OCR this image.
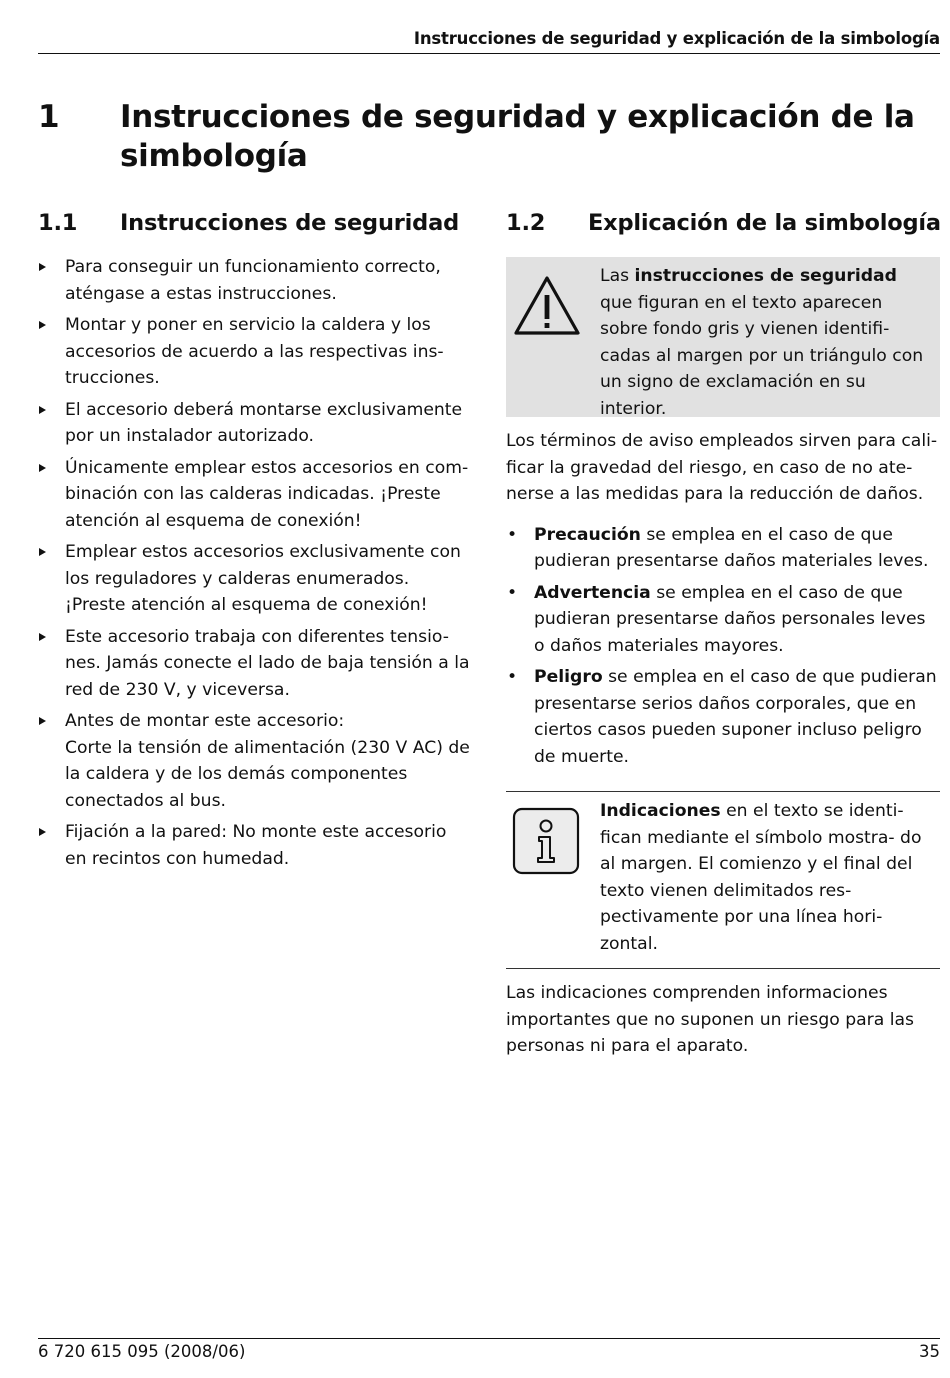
Instrucciones de seguridad y explicación de la simbología
1 Instrucciones de seguridad y explicación de la simbología
1.1 Instrucciones de seguridad
Para conseguir un funcionamiento correcto, aténgase a estas instrucciones.
Montar y poner en servicio la caldera y los accesorios de acuerdo a las respectivas ins- trucciones.
El accesorio deberá montarse exclusivamente por un instalador autorizado.
Únicamente emplear estos accesorios en com- binación con las calderas indicadas. ¡Preste atención al esquema de conexión!
Emplear estos accesorios exclusivamente con los reguladores y calderas enumerados. ¡Preste atención al esquema de conexión!
Este accesorio trabaja con diferentes tensio- nes. Jamás conecte el lado de baja tensión a la red de 230 V, y viceversa.
Antes de montar este accesorio:
Corte la tensión de alimentación (230 V AC) de la caldera y de los demás componentes conectados al bus.
Fijación a la pared: No monte este accesorio en recintos con humedad.
1.2 Explicación de la simbología
Las instrucciones de seguridad que figuran en el texto aparecen sobre fondo gris y vienen identifi- cadas al margen por un triángulo con un signo de exclamación en su interior.
Los términos de aviso empleados sirven para cali- ficar la gravedad del riesgo, en caso de no ate- nerse a las medidas para la reducción de daños.
• Precaución se emplea en el caso de que pudieran presentarse daños materiales leves.
• Advertencia se emplea en el caso de que pudieran presentarse daños personales leves o daños materiales mayores.
• Peligro se emplea en el caso de que pudieran presentarse serios daños corporales, que en ciertos casos pueden suponer incluso peligro de muerte.
Indicaciones en el texto se identi- fican mediante el símbolo mostra- do al margen. El comienzo y el final del texto vienen delimitados res- pectivamente por una línea hori- zontal.
Las indicaciones comprenden informaciones importantes que no suponen un riesgo para las personas ni para el aparato.
6 720 615 095 (2008/06)	35
